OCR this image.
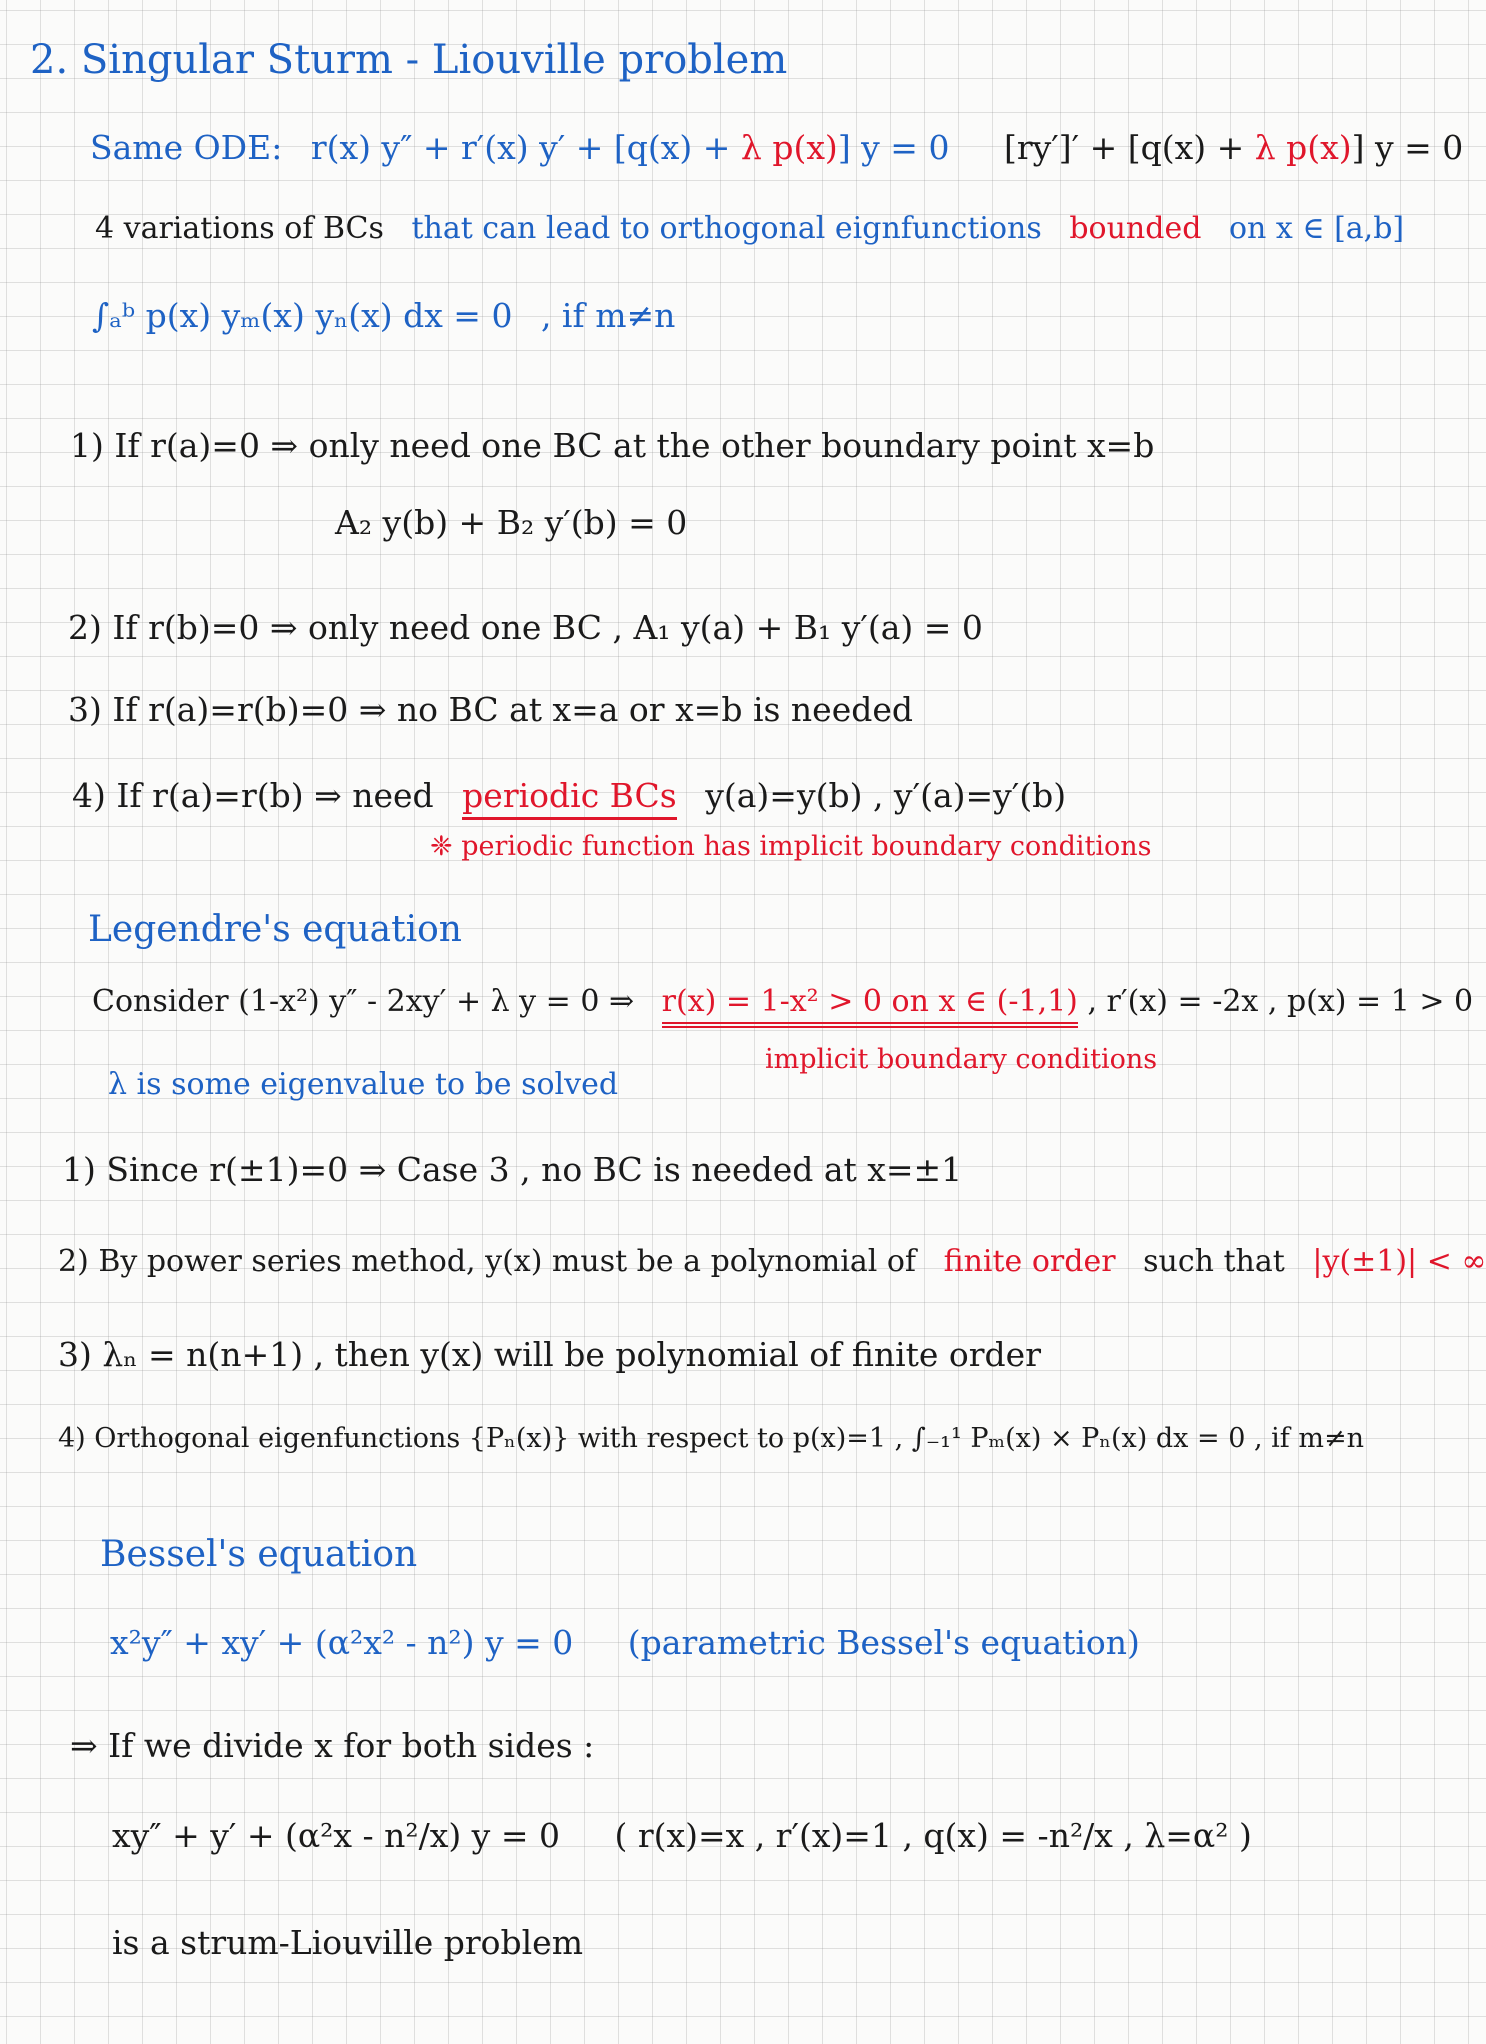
2. Singular Sturm - Liouville problem
Same ODE: r(x) y″ + r′(x) y′ + [q(x) + λ p(x)] y = 0 [ry′]′ + [q(x) + λ p(x)] y = 0
4 variations of BCs that can lead to orthogonal eignfunctions bounded on x ∈ [a,b]
∫ₐᵇ p(x) yₘ(x) yₙ(x) dx = 0 , if m≠n
1) If r(a)=0 ⇒ only need one BC at the other boundary point x=b
A₂ y(b) + B₂ y′(b) = 0
2) If r(b)=0 ⇒ only need one BC , A₁ y(a) + B₁ y′(a) = 0
3) If r(a)=r(b)=0 ⇒ no BC at x=a or x=b is needed
4) If r(a)=r(b) ⇒ need periodic BCs y(a)=y(b) , y′(a)=y′(b)
❈ periodic function has implicit boundary conditions
Legendre's equation
Consider (1-x²) y″ - 2xy′ + λ y = 0 ⇒ r(x) = 1-x² > 0 on x ∈ (-1,1) , r′(x) = -2x , p(x) = 1 > 0
implicit boundary conditions
λ is some eigenvalue to be solved
1) Since r(±1)=0 ⇒ Case 3 , no BC is needed at x=±1
2) By power series method, y(x) must be a polynomial of finite order such that |y(±1)| < ∞
3) λₙ = n(n+1) , then y(x) will be polynomial of finite order
4) Orthogonal eigenfunctions {Pₙ(x)} with respect to p(x)=1 , ∫₋₁¹ Pₘ(x) × Pₙ(x) dx = 0 , if m≠n
Bessel's equation
x²y″ + xy′ + (α²x² - n²) y = 0 (parametric Bessel's equation)
⇒ If we divide x for both sides :
xy″ + y′ + (α²x - n²/x) y = 0 ( r(x)=x , r′(x)=1 , q(x) = -n²/x , λ=α² )
is a strum-Liouville problem
